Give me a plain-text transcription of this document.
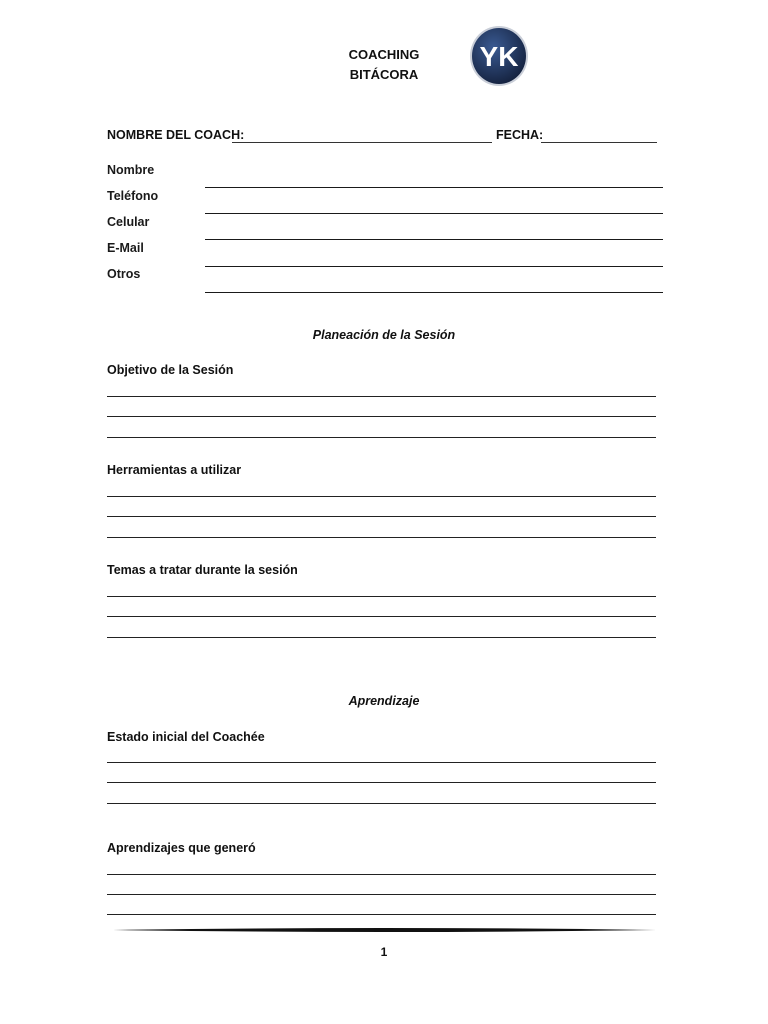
COACHING
BITÁCORA
YK
NOMBRE DEL COACH:	FECHA:
Nombre
Teléfono
Celular
E-Mail
Otros
Planeación de la Sesión
Objetivo de la Sesión
Herramientas a utilizar
Temas a tratar durante la sesión
Aprendizaje
Estado inicial del Coachée
Aprendizajes que generó
1
